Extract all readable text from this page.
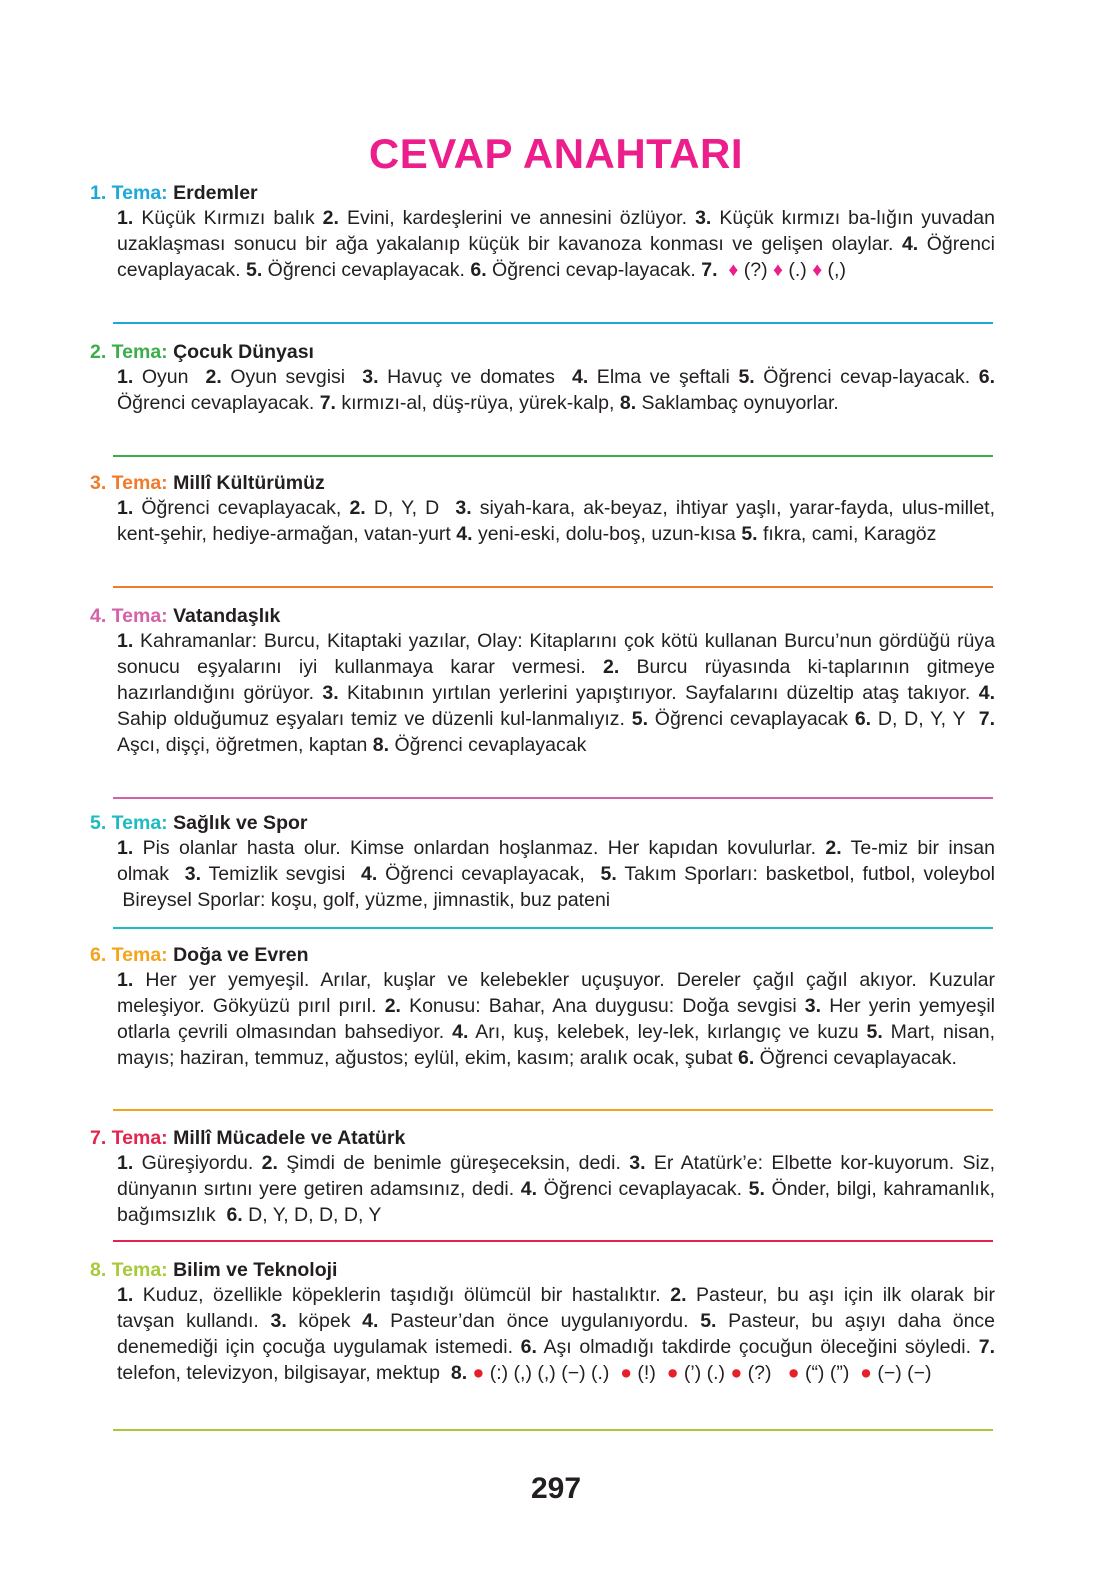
CEVAP ANAHTARI
1. Tema: Erdemler
1. Küçük Kırmızı balık 2. Evini, kardeşlerini ve annesini özlüyor. 3. Küçük kırmızı ba-lığın yuvadan uzaklaşması sonucu bir ağa yakalanıp küçük bir kavanoza konması ve gelişen olaylar. 4. Öğrenci cevaplayacak. 5. Öğrenci cevaplayacak. 6. Öğrenci cevap-layacak. 7. ♦ (?) ♦ (.) ♦ (,)
2. Tema: Çocuk Dünyası
1. Oyun  2. Oyun sevgisi  3. Havuç ve domates  4. Elma ve şeftali 5. Öğrenci cevap-layacak. 6. Öğrenci cevaplayacak. 7. kırmızı-al, düş-rüya, yürek-kalp, 8. Saklambaç oynuyorlar.
3. Tema: Millî Kültürümüz
1. Öğrenci cevaplayacak, 2. D, Y, D  3. siyah-kara, ak-beyaz, ihtiyar yaşlı, yarar-fayda, ulus-millet, kent-şehir, hediye-armağan, vatan-yurt 4. yeni-eski, dolu-boş, uzun-kısa 5. fıkra, cami, Karagöz
4. Tema: Vatandaşlık
1. Kahramanlar: Burcu, Kitaptaki yazılar, Olay: Kitaplarını çok kötü kullanan Burcu’nun gördüğü rüya sonucu eşyalarını iyi kullanmaya karar vermesi. 2. Burcu rüyasında ki-taplarının gitmeye hazırlandığını görüyor. 3. Kitabının yırtılan yerlerini yapıştırıyor. Sayfalarını düzeltip ataş takıyor. 4. Sahip olduğumuz eşyaları temiz ve düzenli kul-lanmalıyız. 5. Öğrenci cevaplayacak 6. D, D, Y, Y  7. Aşcı, dişçi, öğretmen, kaptan 8. Öğrenci cevaplayacak
5. Tema: Sağlık ve Spor
1. Pis olanlar hasta olur. Kimse onlardan hoşlanmaz. Her kapıdan kovulurlar. 2. Te-miz bir insan olmak  3. Temizlik sevgisi  4. Öğrenci cevaplayacak,  5. Takım Sporları: basketbol, futbol, voleybol  Bireysel Sporlar: koşu, golf, yüzme, jimnastik, buz pateni
6. Tema: Doğa ve Evren
1. Her yer yemyeşil. Arılar, kuşlar ve kelebekler uçuşuyor. Dereler çağıl çağıl akıyor. Kuzular meleşiyor. Gökyüzü pırıl pırıl. 2. Konusu: Bahar, Ana duygusu: Doğa sevgisi 3. Her yerin yemyeşil otlarla çevrili olmasından bahsediyor. 4. Arı, kuş, kelebek, ley-lek, kırlangıç ve kuzu 5. Mart, nisan, mayıs; haziran, temmuz, ağustos; eylül, ekim, kasım; aralık ocak, şubat 6. Öğrenci cevaplayacak.
7. Tema: Millî Mücadele ve Atatürk
1. Güreşiyordu. 2. Şimdi de benimle güreşeceksin, dedi. 3. Er Atatürk’e: Elbette kor-kuyorum. Siz, dünyanın sırtını yere getiren adamsınız, dedi. 4. Öğrenci cevaplayacak. 5. Önder, bilgi, kahramanlık, bağımsızlık  6. D, Y, D, D, D, Y
8. Tema: Bilim ve Teknoloji
1. Kuduz, özellikle köpeklerin taşıdığı ölümcül bir hastalıktır. 2. Pasteur, bu aşı için ilk olarak bir tavşan kullandı. 3. köpek 4. Pasteur’dan önce uygulanıyordu. 5. Pasteur, bu aşıyı daha önce denemediği için çocuğa uygulamak istemedi. 6. Aşı olmadığı takdirde çocuğun öleceğini söyledi. 7. telefon, televizyon, bilgisayar, mektup  8. ● (:) (,) (,) (−) (.)  ● (!)  ● (’) (.) ● (?)   ● (“) (”)  ● (−) (−)
297
